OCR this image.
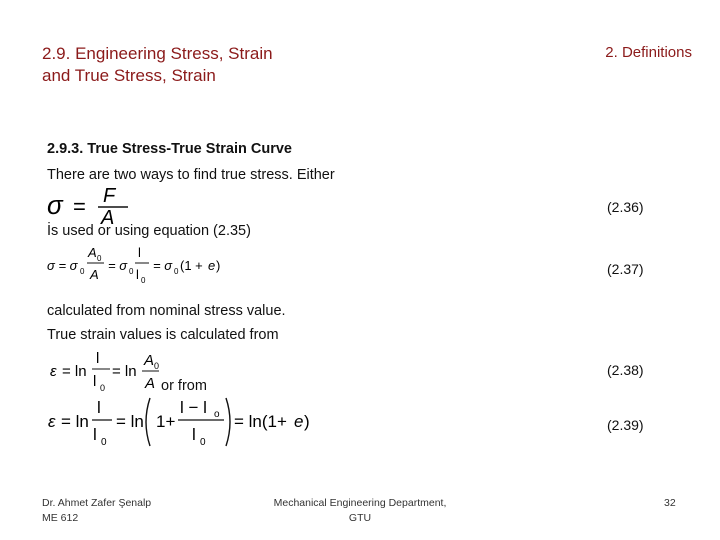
2.9. Engineering Stress, Strain
and True Stress, Strain
2. Definitions
2.9.3. True Stress-True Strain Curve
There are two ways to find true stress. Either
σ = F
A	(2.36)
İs used or using equation (2.35)
σ = σ 0
A 0
A
= σ 0
l
l 0
= σ 0 (1 + e )	(2.37)
calculated from nominal stress value.
True strain values is calculated from
ε = ln
l
l 0
= ln
A 0
A or from
(2.38)
ε = ln
l
l 0
= ln 1+
l − l o
l 0
= ln(1+ e )	(2.39)
Dr. Ahmet Zafer Şenalp
ME 612
Mechanical Engineering Department,
GTU
32
